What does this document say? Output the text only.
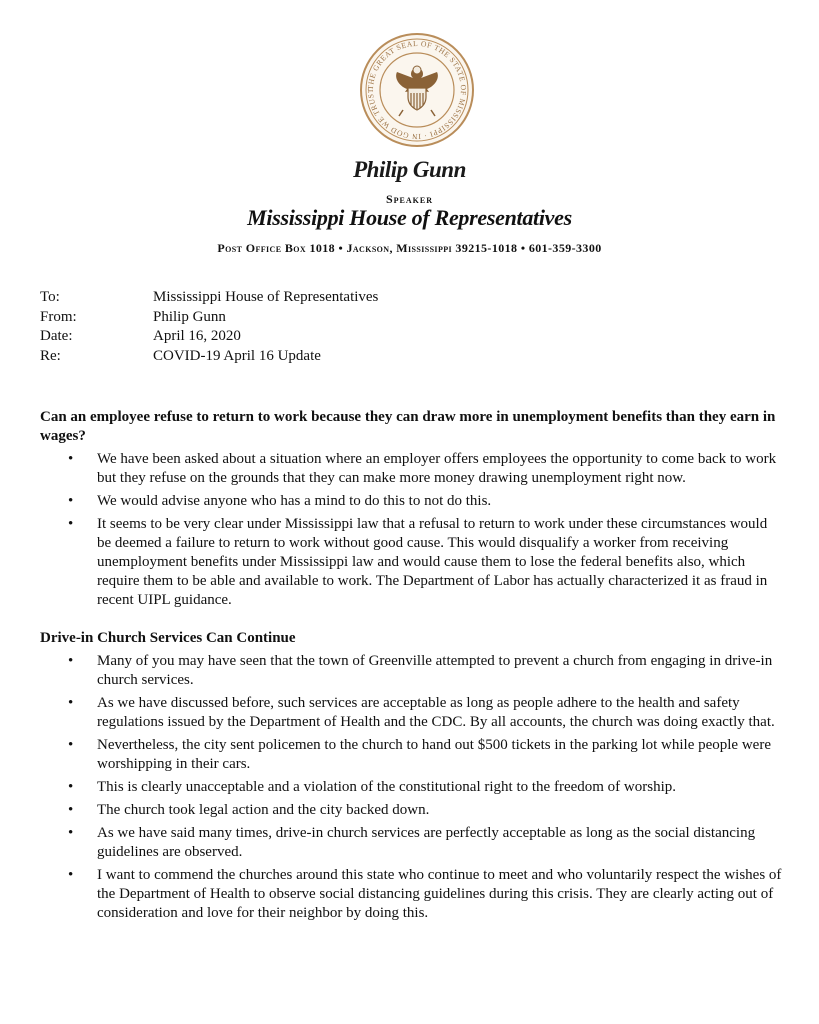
THE GREAT SEAL OF THE STATE OF MISSISSIPPI · IN GOD WE TRUST
Philip Gunn
Speaker
Mississippi House of Representatives
Post Office Box 1018 • Jackson, Mississippi 39215-1018 • 601-359-3300
To:	Mississippi House of Representatives
From:	Philip Gunn
Date:	April 16, 2020
Re:	COVID-19 April 16 Update

Can an employee refuse to return to work because they can draw more in unemployment benefits than they earn in wages?

• We have been asked about a situation where an employer offers employees the opportunity to come back to work but they refuse on the grounds that they can make more money drawing unemployment right now.
• We would advise anyone who has a mind to do this to not do this.
• It seems to be very clear under Mississippi law that a refusal to return to work under these circumstances would be deemed a failure to return to work without good cause. This would disqualify a worker from receiving unemployment benefits under Mississippi law and would cause them to lose the federal benefits also, which require them to be able and available to work. The Department of Labor has actually characterized it as fraud in recent UIPL guidance.

Drive-in Church Services Can Continue

• Many of you may have seen that the town of Greenville attempted to prevent a church from engaging in drive-in church services.
• As we have discussed before, such services are acceptable as long as people adhere to the health and safety regulations issued by the Department of Health and the CDC. By all accounts, the church was doing exactly that.
• Nevertheless, the city sent policemen to the church to hand out $500 tickets in the parking lot while people were worshipping in their cars.
• This is clearly unacceptable and a violation of the constitutional right to the freedom of worship.
• The church took legal action and the city backed down.
• As we have said many times, drive-in church services are perfectly acceptable as long as the social distancing guidelines are observed.
• I want to commend the churches around this state who continue to meet and who voluntarily respect the wishes of the Department of Health to observe social distancing guidelines during this crisis. They are clearly acting out of consideration and love for their neighbor by doing this.
